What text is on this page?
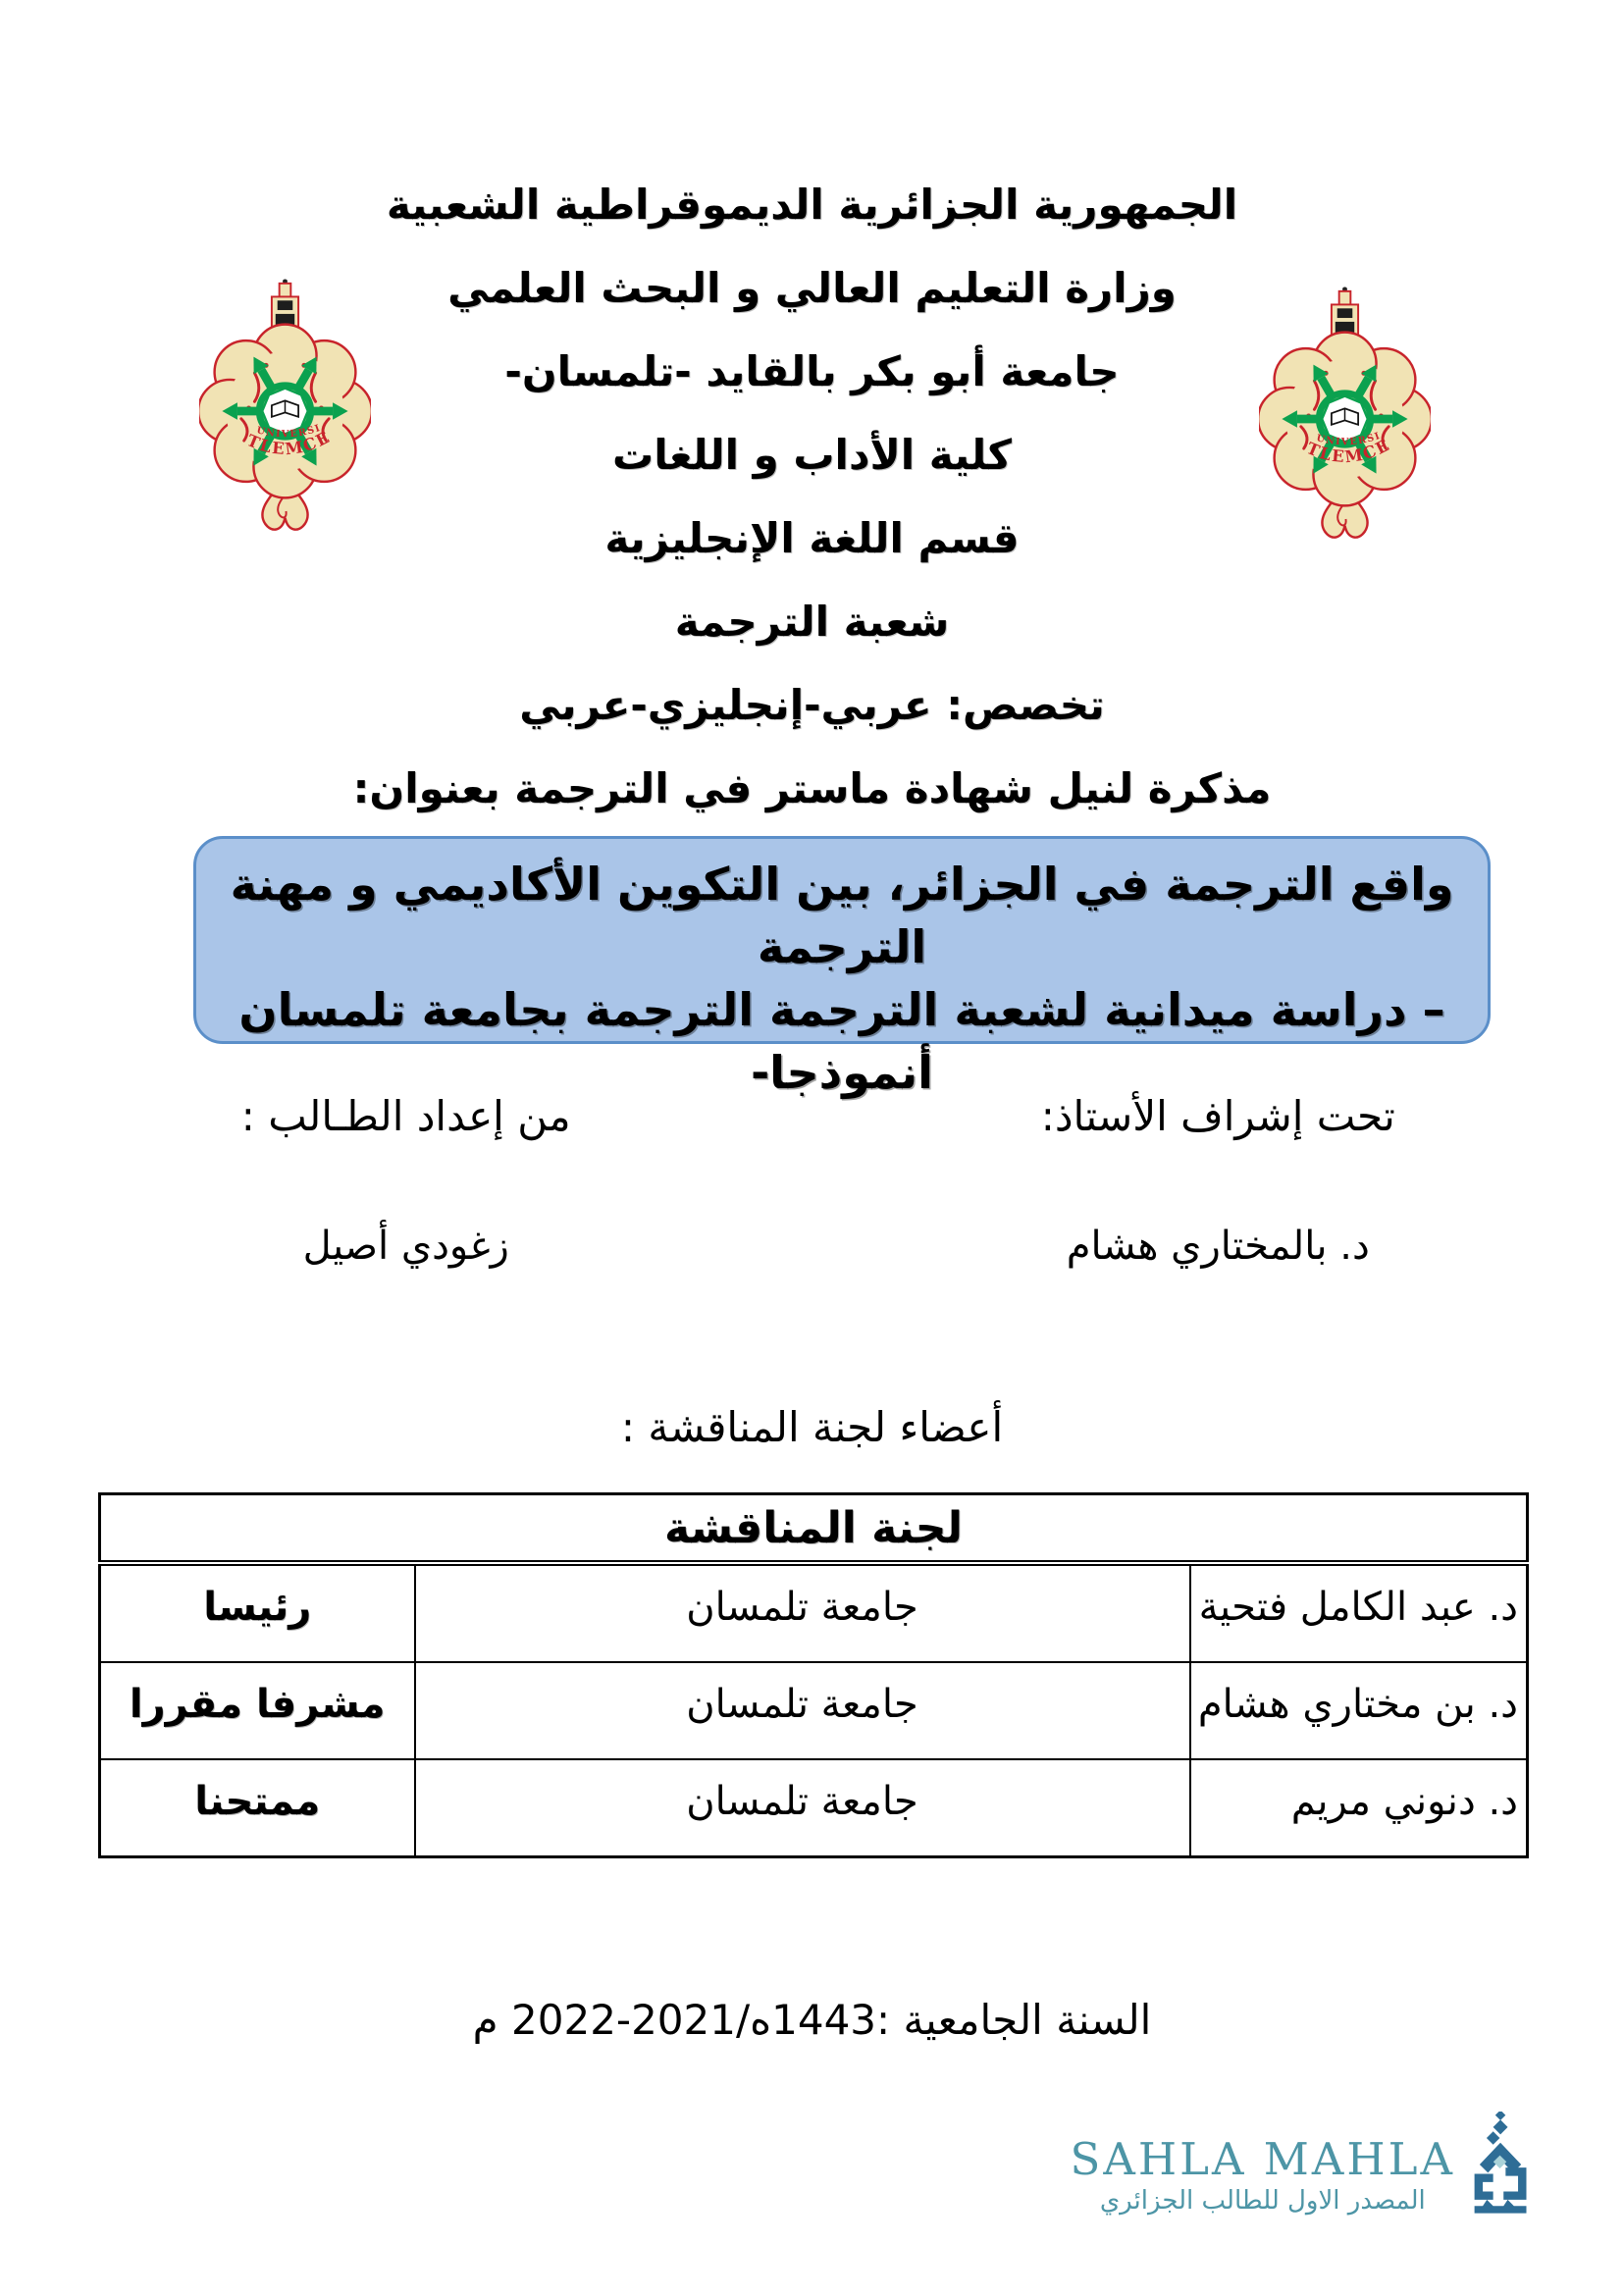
الجمهورية الجزائرية الديموقراطية الشعبية

وزارة التعليم العالي و البحث العلمي

جامعة أبو بكر بالقايد -تلمسان-

كلية الأداب و اللغات

قسم اللغة الإنجليزية

شعبة الترجمة

تخصص: عربي-إنجليزي-عربي

مذكرة لنيل شهادة ماستر في الترجمة بعنوان:

واقع الترجمة في الجزائر، بين التكوين الأكاديمي و مهنة الترجمة

– دراسة ميدانية لشعبة الترجمة الترجمة بجامعة تلمسان أنموذجا-

من إعداد الطـالب :

زغودي أصيل

تحت إشراف الأستاذ:

د. بالمختاري هشام

أعضاء لجنة المناقشة :
لجنة المناقشة		
د. عبد الكامل فتحية	جامعة تلمسان	رئيسا
د. بن مختاري هشام	جامعة تلمسان	مشرفا مقررا
د. دنوني مريم	جامعة تلمسان	ممتحنا
السنة الجامعية :1443ه/2021-2022 م
SAHLA MAHLA
المصدر الاول للطالب الجزائري
